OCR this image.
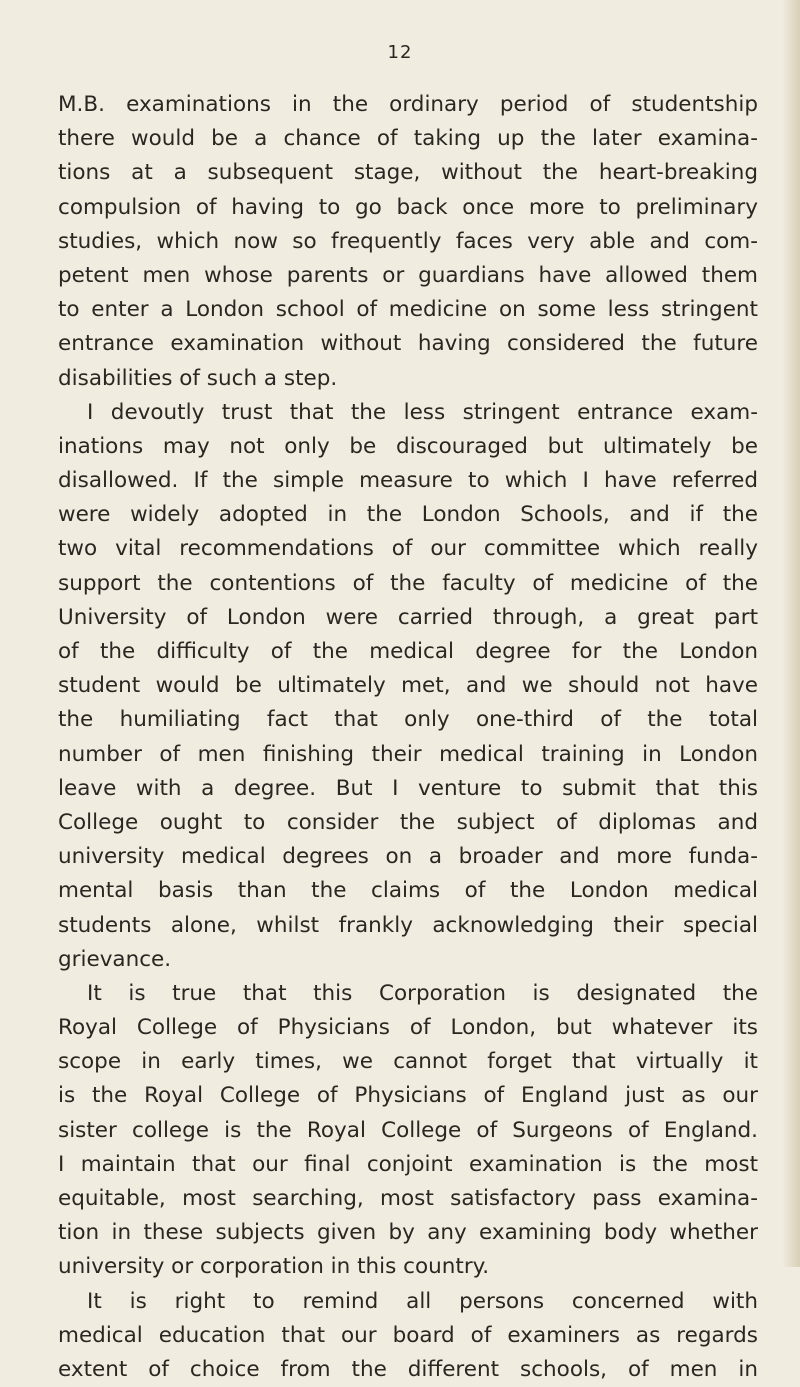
12
M.B. examinations in the ordinary period of studentship
there would be a chance of taking up the later examina-
tions at a subsequent stage, without the heart-breaking
compulsion of having to go back once more to preliminary
studies, which now so frequently faces very able and com-
petent men whose parents or guardians have allowed them
to enter a London school of medicine on some less stringent
entrance examination without having considered the future
disabilities of such a step.
I devoutly trust that the less stringent entrance exam-
inations may not only be discouraged but ultimately be
disallowed. If the simple measure to which I have referred
were widely adopted in the London Schools, and if the
two vital recommendations of our committee which really
support the contentions of the faculty of medicine of the
University of London were carried through, a great part
of the difficulty of the medical degree for the London
student would be ultimately met, and we should not have
the humiliating fact that only one-third of the total
number of men finishing their medical training in London
leave with a degree. But I venture to submit that this
College ought to consider the subject of diplomas and
university medical degrees on a broader and more funda-
mental basis than the claims of the London medical
students alone, whilst frankly acknowledging their special
grievance.
It is true that this Corporation is designated the
Royal College of Physicians of London, but whatever its
scope in early times, we cannot forget that virtually it
is the Royal College of Physicians of England just as our
sister college is the Royal College of Surgeons of England.
I maintain that our final conjoint examination is the most
equitable, most searching, most satisfactory pass examina-
tion in these subjects given by any examining body whether
university or corporation in this country.
It is right to remind all persons concerned with
medical education that our board of examiners as regards
extent of choice from the different schools, of men in
